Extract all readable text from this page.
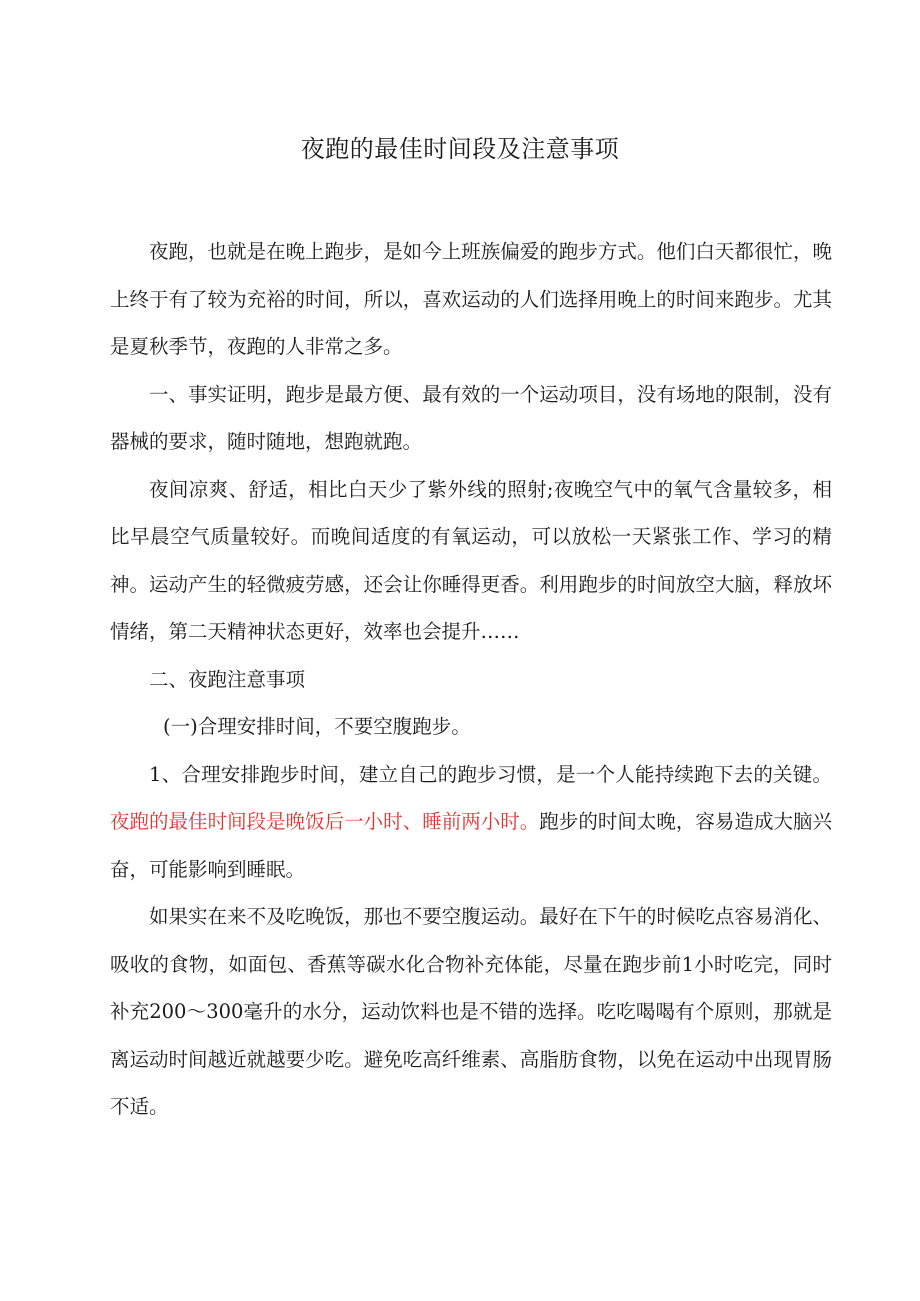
夜跑的最佳时间段及注意事项

夜跑，也就是在晚上跑步，是如今上班族偏爱的跑步方式。他们白天都很忙，晚上终于有了较为充裕的时间，所以，喜欢运动的人们选择用晚上的时间来跑步。尤其是夏秋季节，夜跑的人非常之多。

一、事实证明，跑步是最方便、最有效的一个运动项目，没有场地的限制，没有器械的要求，随时随地，想跑就跑。

夜间凉爽、舒适，相比白天少了紫外线的照射;夜晚空气中的氧气含量较多，相比早晨空气质量较好。而晚间适度的有氧运动，可以放松一天紧张工作、学习的精神。运动产生的轻微疲劳感，还会让你睡得更香。利用跑步的时间放空大脑，释放坏情绪，第二天精神状态更好，效率也会提升……

二、夜跑注意事项

(一)合理安排时间，不要空腹跑步。

1、合理安排跑步时间，建立自己的跑步习惯，是一个人能持续跑下去的关键。夜跑的最佳时间段是晚饭后一小时、睡前两小时。跑步的时间太晚，容易造成大脑兴奋，可能影响到睡眠。

如果实在来不及吃晚饭，那也不要空腹运动。最好在下午的时候吃点容易消化、吸收的食物，如面包、香蕉等碳水化合物补充体能，尽量在跑步前1小时吃完，同时补充200～300毫升的水分，运动饮料也是不错的选择。吃吃喝喝有个原则，那就是离运动时间越近就越要少吃。避免吃高纤维素、高脂肪食物，以免在运动中出现胃肠不适。
